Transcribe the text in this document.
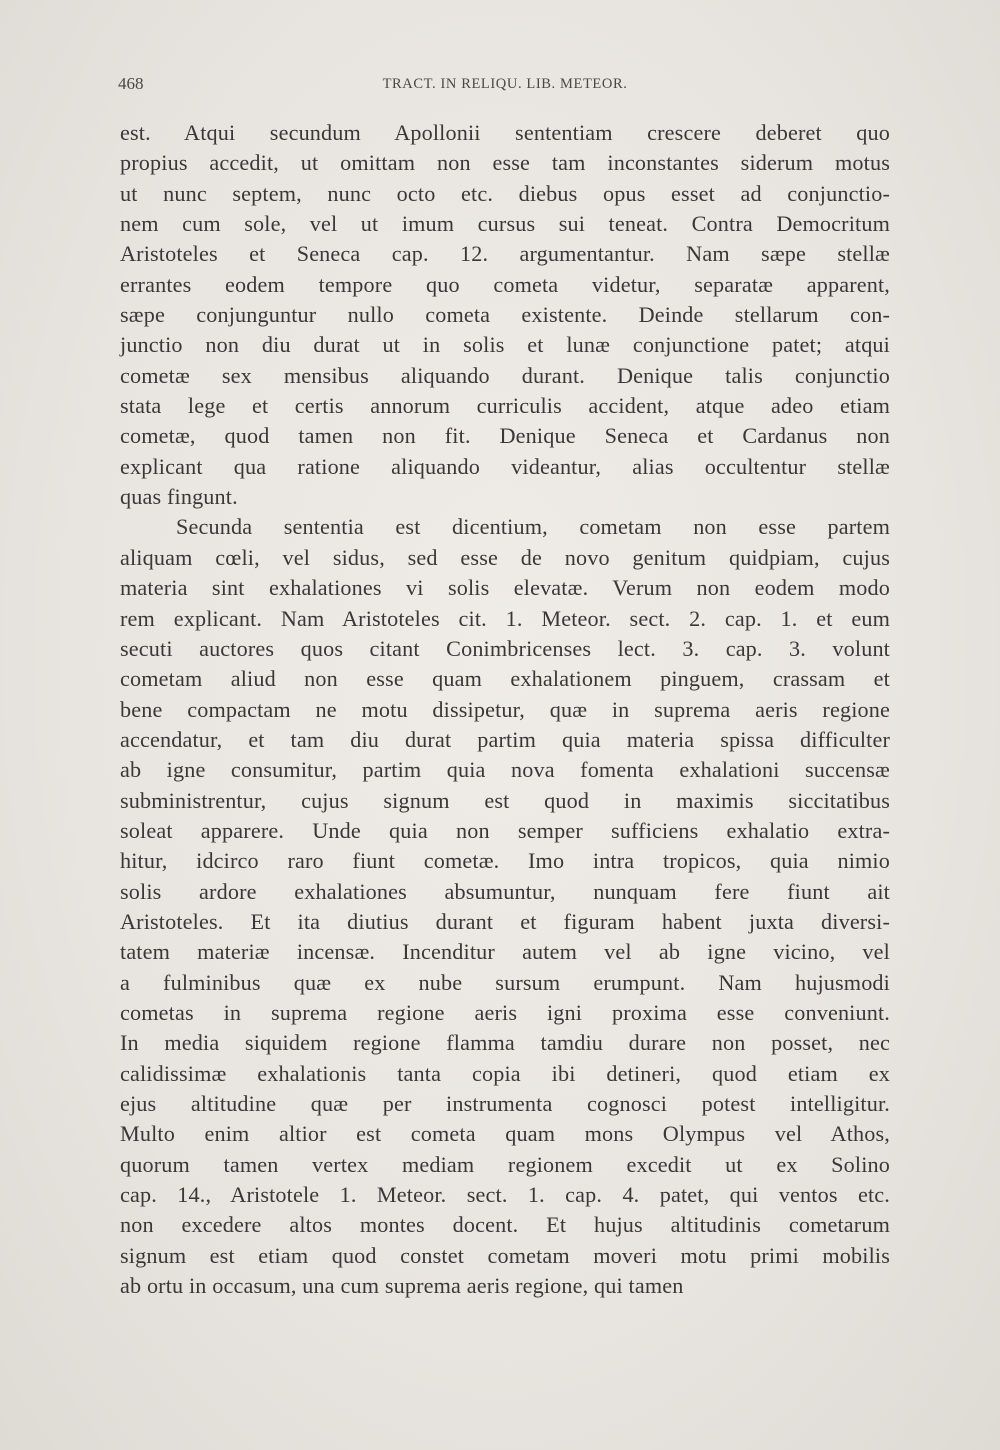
468	TRACT. IN RELIQU. LIB. METEOR.
est. Atqui secundum Apollonii sententiam crescere deberet quo
propius accedit, ut omittam non esse tam inconstantes siderum motus
ut nunc septem, nunc octo etc. diebus opus esset ad conjunctio-
nem cum sole, vel ut imum cursus sui teneat. Contra Democritum
Aristoteles et Seneca cap. 12. argumentantur. Nam sæpe stellæ
errantes eodem tempore quo cometa videtur, separatæ apparent,
sæpe conjunguntur nullo cometa existente. Deinde stellarum con-
junctio non diu durat ut in solis et lunæ conjunctione patet; atqui
cometæ sex mensibus aliquando durant. Denique talis conjunctio
stata lege et certis annorum curriculis accident, atque adeo etiam
cometæ, quod tamen non fit. Denique Seneca et Cardanus non
explicant qua ratione aliquando videantur, alias occultentur stellæ
quas fingunt.
Secunda sententia est dicentium, cometam non esse partem
aliquam cœli, vel sidus, sed esse de novo genitum quidpiam, cujus
materia sint exhalationes vi solis elevatæ. Verum non eodem modo
rem explicant. Nam Aristoteles cit. 1. Meteor. sect. 2. cap. 1. et eum
secuti auctores quos citant Conimbricenses lect. 3. cap. 3. volunt
cometam aliud non esse quam exhalationem pinguem, crassam et
bene compactam ne motu dissipetur, quæ in suprema aeris regione
accendatur, et tam diu durat partim quia materia spissa difficulter
ab igne consumitur, partim quia nova fomenta exhalationi succensæ
subministrentur, cujus signum est quod in maximis siccitatibus
soleat apparere. Unde quia non semper sufficiens exhalatio extra-
hitur, idcirco raro fiunt cometæ. Imo intra tropicos, quia nimio
solis ardore exhalationes absumuntur, nunquam fere fiunt ait
Aristoteles. Et ita diutius durant et figuram habent juxta diversi-
tatem materiæ incensæ. Incenditur autem vel ab igne vicino, vel
a fulminibus quæ ex nube sursum erumpunt. Nam hujusmodi
cometas in suprema regione aeris igni proxima esse conveniunt.
In media siquidem regione flamma tamdiu durare non posset, nec
calidissimæ exhalationis tanta copia ibi detineri, quod etiam ex
ejus altitudine quæ per instrumenta cognosci potest intelligitur.
Multo enim altior est cometa quam mons Olympus vel Athos,
quorum tamen vertex mediam regionem excedit ut ex Solino
cap. 14., Aristotele 1. Meteor. sect. 1. cap. 4. patet, qui ventos etc.
non excedere altos montes docent. Et hujus altitudinis cometarum
signum est etiam quod constet cometam moveri motu primi mobilis
ab ortu in occasum, una cum suprema aeris regione, qui tamen
